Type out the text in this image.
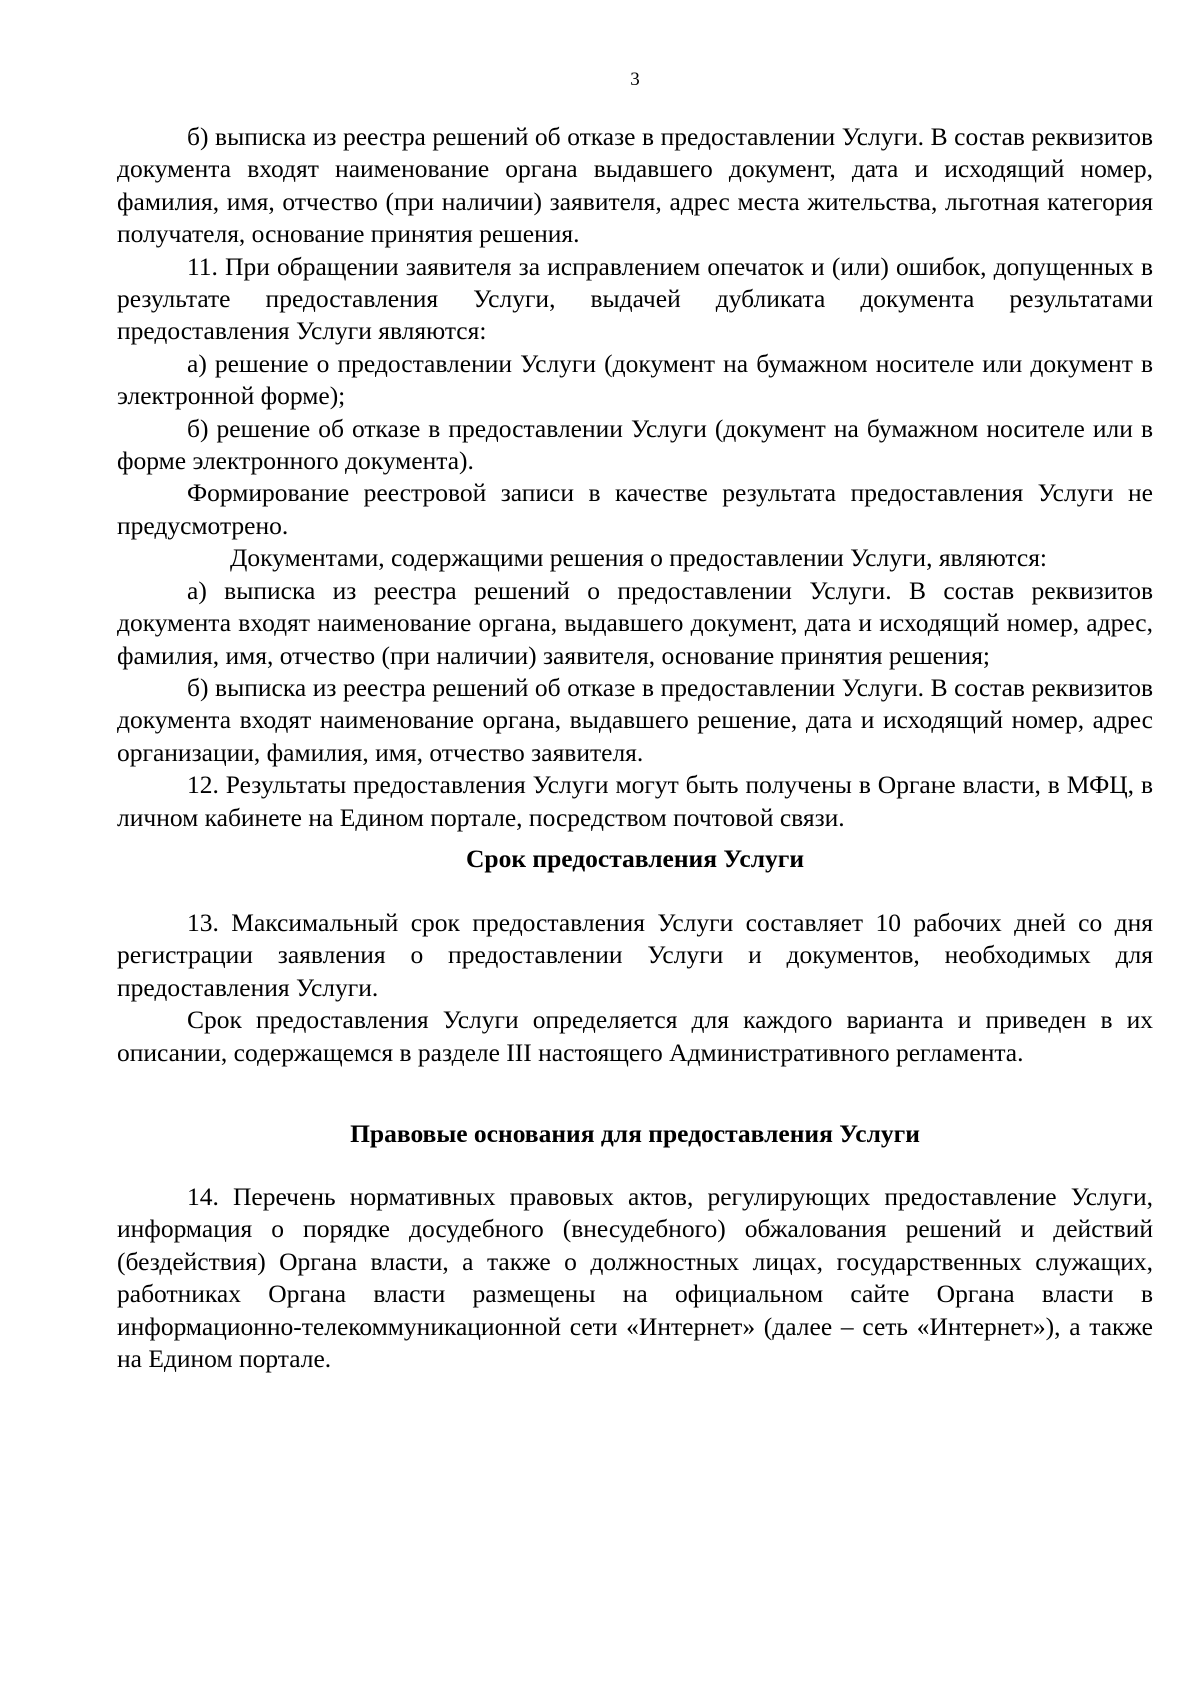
3

б) выписка из реестра решений об отказе в предоставлении Услуги. В состав реквизитов документа входят наименование органа выдавшего документ, дата и исходящий номер, фамилия, имя, отчество (при наличии) заявителя, адрес места жительства, льготная категория получателя, основание принятия решения.

11. При обращении заявителя за исправлением опечаток и (или) ошибок, допущенных в результате предоставления Услуги, выдачей дубликата документа результатами предоставления Услуги являются:

а) решение о предоставлении Услуги (документ на бумажном носителе или документ в электронной форме);

б) решение об отказе в предоставлении Услуги (документ на бумажном носителе или в форме электронного документа).

Формирование реестровой записи в качестве результата предоставления Услуги не предусмотрено.

Документами, содержащими решения о предоставлении Услуги, являются:

а) выписка из реестра решений о предоставлении Услуги. В состав реквизитов документа входят наименование органа, выдавшего документ, дата и исходящий номер, адрес, фамилия, имя, отчество (при наличии) заявителя, основание принятия решения;

б) выписка из реестра решений об отказе в предоставлении Услуги. В состав реквизитов документа входят наименование органа, выдавшего решение, дата и исходящий номер, адрес организации, фамилия, имя, отчество заявителя.

12. Результаты предоставления Услуги могут быть получены в Органе власти, в МФЦ, в личном кабинете на Едином портале, посредством почтовой связи.

Срок предоставления Услуги

13. Максимальный срок предоставления Услуги составляет 10 рабочих дней со дня регистрации заявления о предоставлении Услуги и документов, необходимых для предоставления Услуги.

Срок предоставления Услуги определяется для каждого варианта и приведен в их описании, содержащемся в разделе III настоящего Административного регламента.

Правовые основания для предоставления Услуги

14. Перечень нормативных правовых актов, регулирующих предоставление Услуги, информация о порядке досудебного (внесудебного) обжалования решений и действий (бездействия) Органа власти, а также о должностных лицах, государственных служащих, работниках Органа власти размещены на официальном сайте Органа власти в информационно-телекоммуникационной сети «Интернет» (далее – сеть «Интернет»), а также на Едином портале.
